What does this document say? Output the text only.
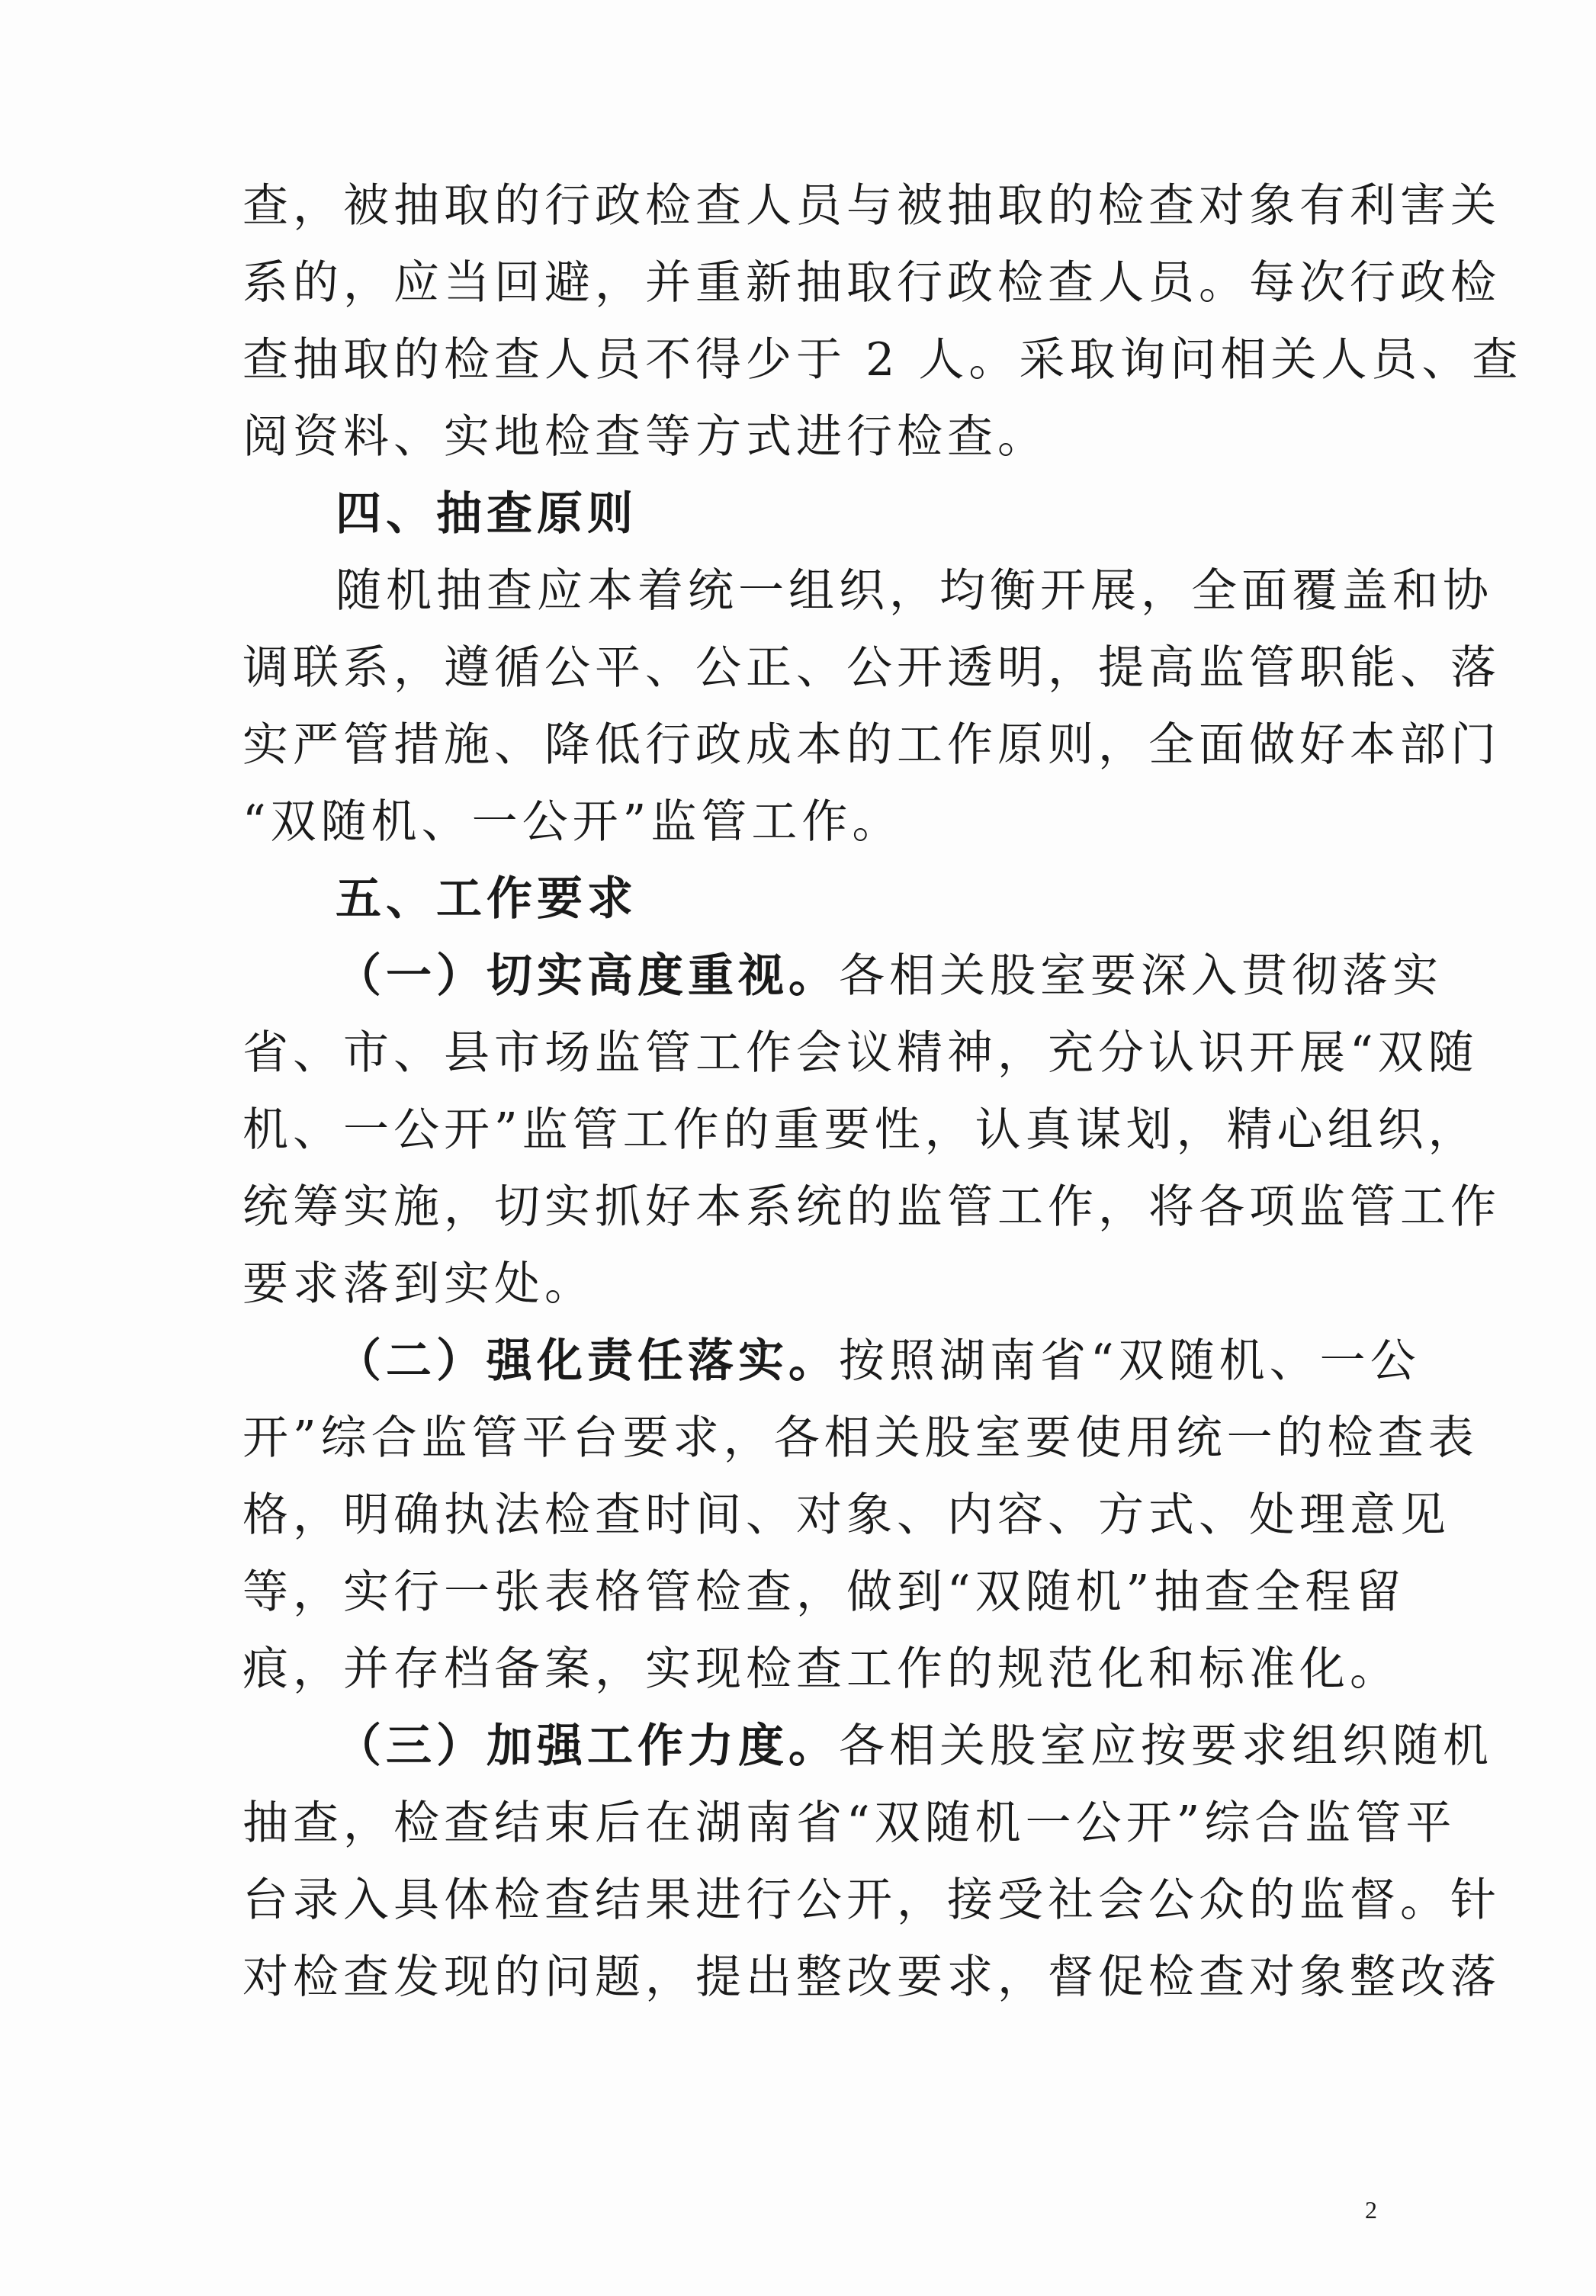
查，被抽取的行政检查人员与被抽取的检查对象有利害关
系的，应当回避，并重新抽取行政检查人员。每次行政检
查抽取的检查人员不得少于 2 人。采取询问相关人员、查
阅资料、实地检查等方式进行检查。
四、抽查原则
随机抽查应本着统一组织，均衡开展，全面覆盖和协
调联系，遵循公平、公正、公开透明，提高监管职能、落
实严管措施、降低行政成本的工作原则，全面做好本部门
“双随机、一公开”监管工作。
五、工作要求
（一）切实高度重视。各相关股室要深入贯彻落实
省、市、县市场监管工作会议精神，充分认识开展“双随
机、一公开”监管工作的重要性，认真谋划，精心组织，
统筹实施，切实抓好本系统的监管工作，将各项监管工作
要求落到实处。
（二）强化责任落实。按照湖南省“双随机、一公
开”综合监管平台要求，各相关股室要使用统一的检查表
格，明确执法检查时间、对象、内容、方式、处理意见
等，实行一张表格管检查，做到“双随机”抽查全程留
痕，并存档备案，实现检查工作的规范化和标准化。
（三）加强工作力度。各相关股室应按要求组织随机
抽查，检查结束后在湖南省“双随机一公开”综合监管平
台录入具体检查结果进行公开，接受社会公众的监督。针
对检查发现的问题，提出整改要求，督促检查对象整改落
2
